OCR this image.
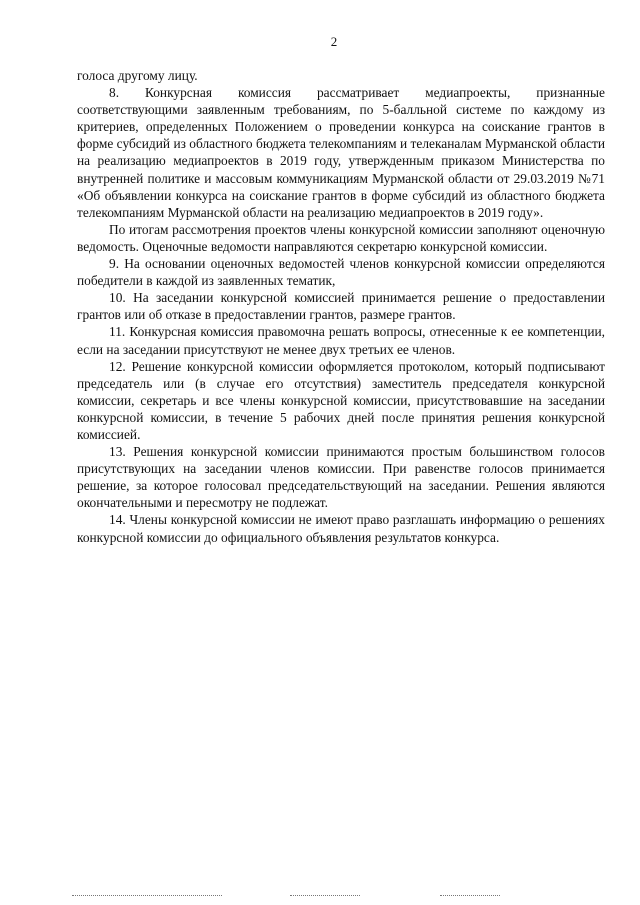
2

голоса другому лицу.

8. Конкурсная комиссия рассматривает медиапроекты, признанные соответствующими заявленным требованиям, по 5-балльной системе по каждому из критериев, определенных Положением о проведении конкурса на соискание грантов в форме субсидий из областного бюджета телекомпаниям и телеканалам Мурманской области на реализацию медиапроектов в 2019 году, утвержденным приказом Министерства по внутренней политике и массовым коммуникациям Мурманской области от 29.03.2019 №71 «Об объявлении конкурса на соискание грантов в форме субсидий из областного бюджета телекомпаниям Мурманской области на реализацию медиапроектов в 2019 году».

По итогам рассмотрения проектов члены конкурсной комиссии заполняют оценочную ведомость. Оценочные ведомости направляются секретарю конкурсной комиссии.

9. На основании оценочных ведомостей членов конкурсной комиссии определяются победители в каждой из заявленных тематик,

10. На заседании конкурсной комиссией принимается решение о предоставлении грантов или об отказе в предоставлении грантов, размере грантов.

11. Конкурсная комиссия правомочна решать вопросы, отнесенные к ее компетенции, если на заседании присутствуют не менее двух третьих ее членов.

12. Решение конкурсной комиссии оформляется протоколом, который подписывают председатель или (в случае его отсутствия) заместитель председателя конкурсной комиссии, секретарь и все члены конкурсной комиссии, присутствовавшие на заседании конкурсной комиссии, в течение 5 рабочих дней после принятия решения конкурсной комиссией.

13. Решения конкурсной комиссии принимаются простым большинством голосов присутствующих на заседании членов комиссии. При равенстве голосов принимается решение, за которое голосовал председательствующий на заседании. Решения являются окончательными и пересмотру не подлежат.

14. Члены конкурсной комиссии не имеют право разглашать информацию о решениях конкурсной комиссии до официального объявления результатов конкурса.
